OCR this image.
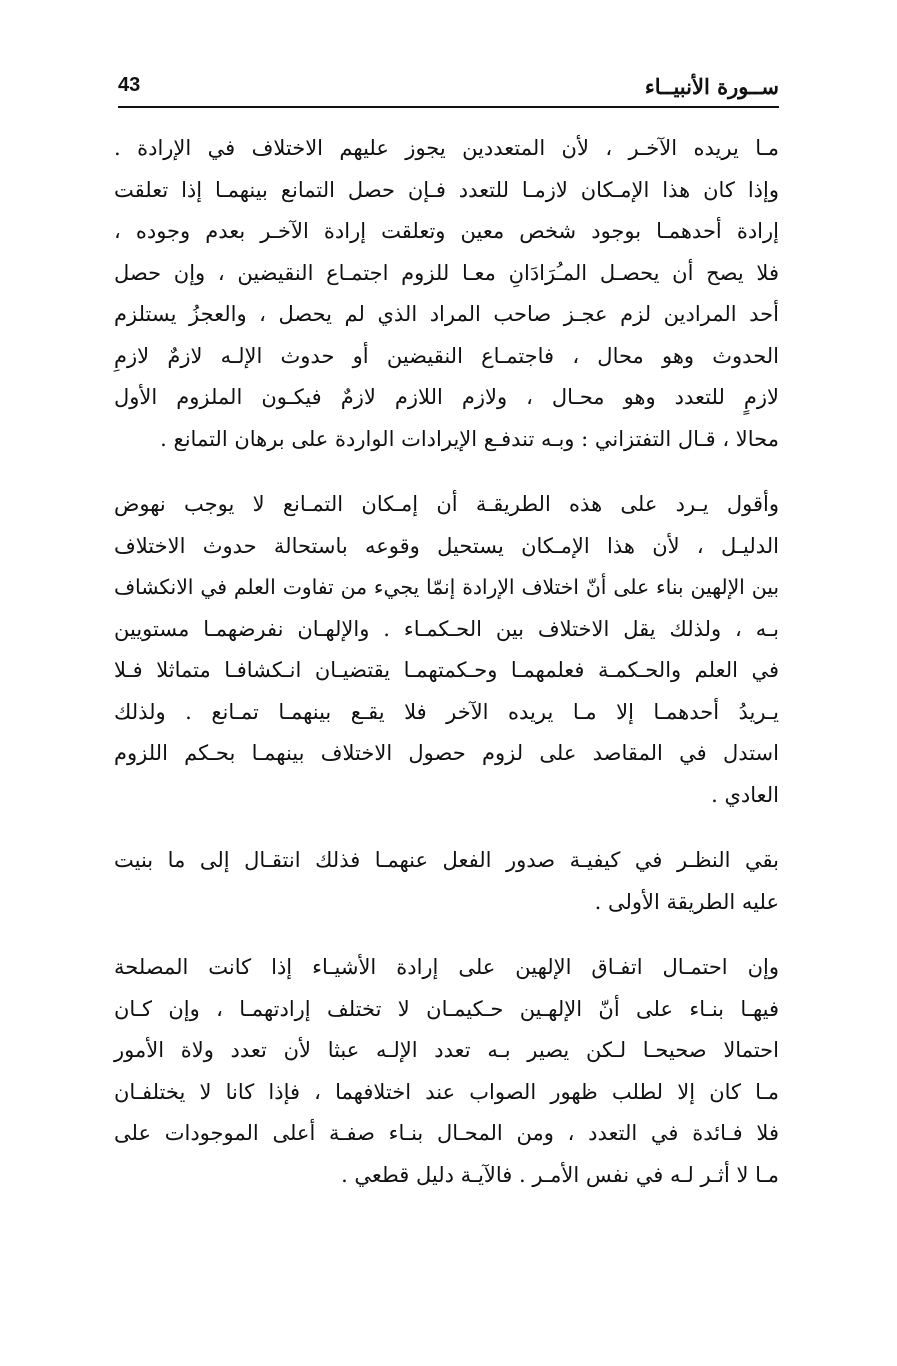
ســورة الأنبيــاء
43
مـا يريده الآخـر ، لأن المتعددين يجوز عليهم الاختلاف في الإرادة .
وإذا كان هذا الإمـكان لازمـا للتعدد فـإن حصل التمانع بينهمـا إذا تعلقت
إرادة أحدهمـا بوجود شخص معين وتعلقت إرادة الآخـر بعدم وجوده ،
فلا يصح أن يحصـل المـُرَادَانِ معـا للزوم اجتمـاع النقيضين ، وإن حصل
أحد المرادين لزم عجـز صاحب المراد الذي لم يحصل ، والعجزُ يستلزم
الحدوث وهو محال ، فاجتمـاع النقيضين أو حدوث الإلـه لازمٌ لازمِ
لازمٍ للتعدد وهو محـال ، ولازم اللازم لازمٌ فيكـون الملزوم الأول
محالا ، قـال التفتزاني : وبـه تندفـع الإيرادات الواردة على برهان التمانع .
وأقول يـرد على هذه الطريقـة أن إمـكان التمـانع لا يوجب نهوض
الدليـل ، لأن هذا الإمـكان يستحيل وقوعه باستحالة حدوث الاختلاف
بين الإلهين بناء على أنّ اختلاف الإرادة إنمّا يجيء من تفاوت العلم في الانكشاف
بـه ، ولذلك يقل الاختلاف بين الحـكمـاء . والإلهـان نفرضهمـا مستويين
في العلم والحـكمـة فعلمهمـا وحـكمتهمـا يقتضيـان انـكشافـا متماثلا فـلا
يـريدُ أحدهمـا إلا مـا يريده الآخر فلا يقـع بينهمـا تمـانع . ولذلك
استدل في المقاصد على لزوم حصول الاختلاف بينهمـا بحـكم اللزوم
العادي .
بقي النظـر في كيفيـة صدور الفعل عنهمـا فذلك انتقـال إلى ما بنيت
عليه الطريقة الأولى .
وإن احتمـال اتفـاق الإلهين على إرادة الأشيـاء إذا كانت المصلحة
فيهـا بنـاء على أنّ الإلهـين حـكيمـان لا تختلف إرادتهمـا ، وإن كـان
احتمالا صحيحـا لـكن يصير بـه تعدد الإلـه عبثا لأن تعدد ولاة الأمور
مـا كان إلا لطلب ظهور الصواب عند اختلافهما ، فإذا كانا لا يختلفـان
فلا فـائدة في التعدد ، ومن المحـال بنـاء صفـة أعلى الموجودات على
مـا لا أثـر لـه في نفس الأمـر . فالآيـة دليل قطعي .
